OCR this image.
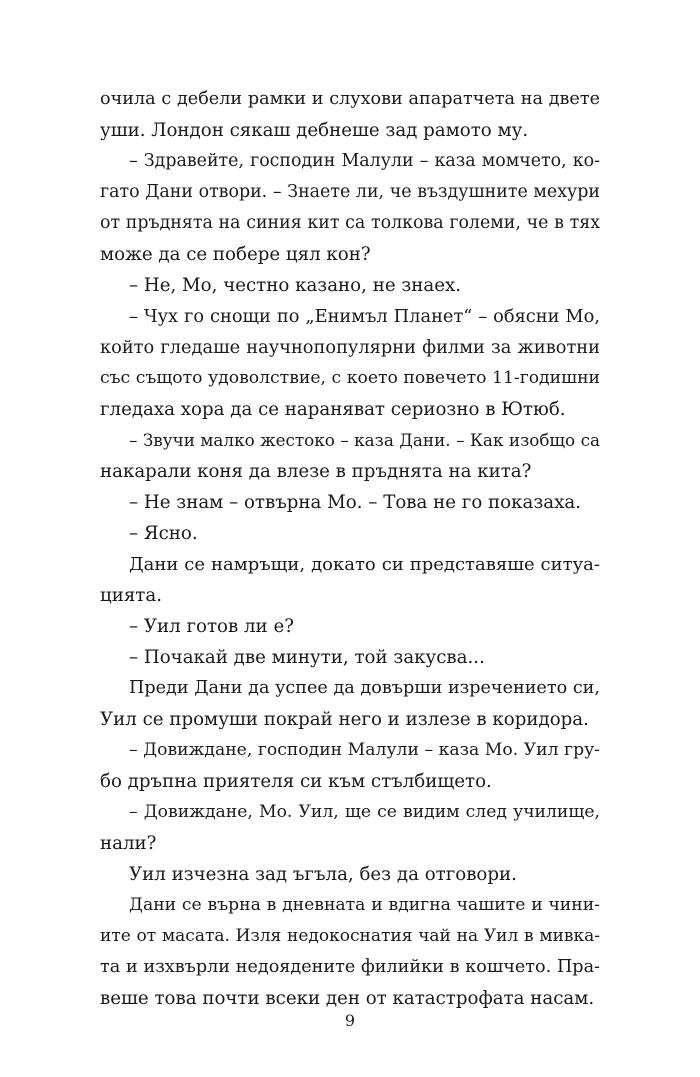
очила с дебели рамки и слухови апаратчета на двете
уши. Лондон сякаш дебнеше зад рамото му.
– Здравейте, господин Малули – каза момчето, ко-
гато Дани отвори. – Знаете ли, че въздушните мехури
от пръднята на синия кит са толкова големи, че в тях
може да се побере цял кон?
– Не, Мо, честно казано, не знаех.
– Чух го снощи по „Енимъл Планет“ – обясни Мо,
който гледаше научнопопулярни филми за животни
със същото удоволствие, с което повечето 11-годишни
гледаха хора да се нараняват сериозно в Ютюб.
– Звучи малко жестоко – каза Дани. – Как изобщо са
накарали коня да влезе в пръднята на кита?
– Не знам – отвърна Мо. – Това не го показаха.
– Ясно.
Дани се намръщи, докато си представяше ситуа-
цията.
– Уил готов ли е?
– Почакай две минути, той закусва...
Преди Дани да успее да довърши изречението си,
Уил се промуши покрай него и излезе в коридора.
– Довиждане, господин Малули – каза Мо. Уил гру-
бо дръпна приятеля си към стълбището.
– Довиждане, Мо. Уил, ще се видим след училище,
нали?
Уил изчезна зад ъгъла, без да отговори.
Дани се върна в дневната и вдигна чашите и чини-
ите от масата. Изля недокоснатия чай на Уил в мивка-
та и изхвърли недоядените филийки в кошчето. Пра-
веше това почти всеки ден от катастрофата насам.
9
